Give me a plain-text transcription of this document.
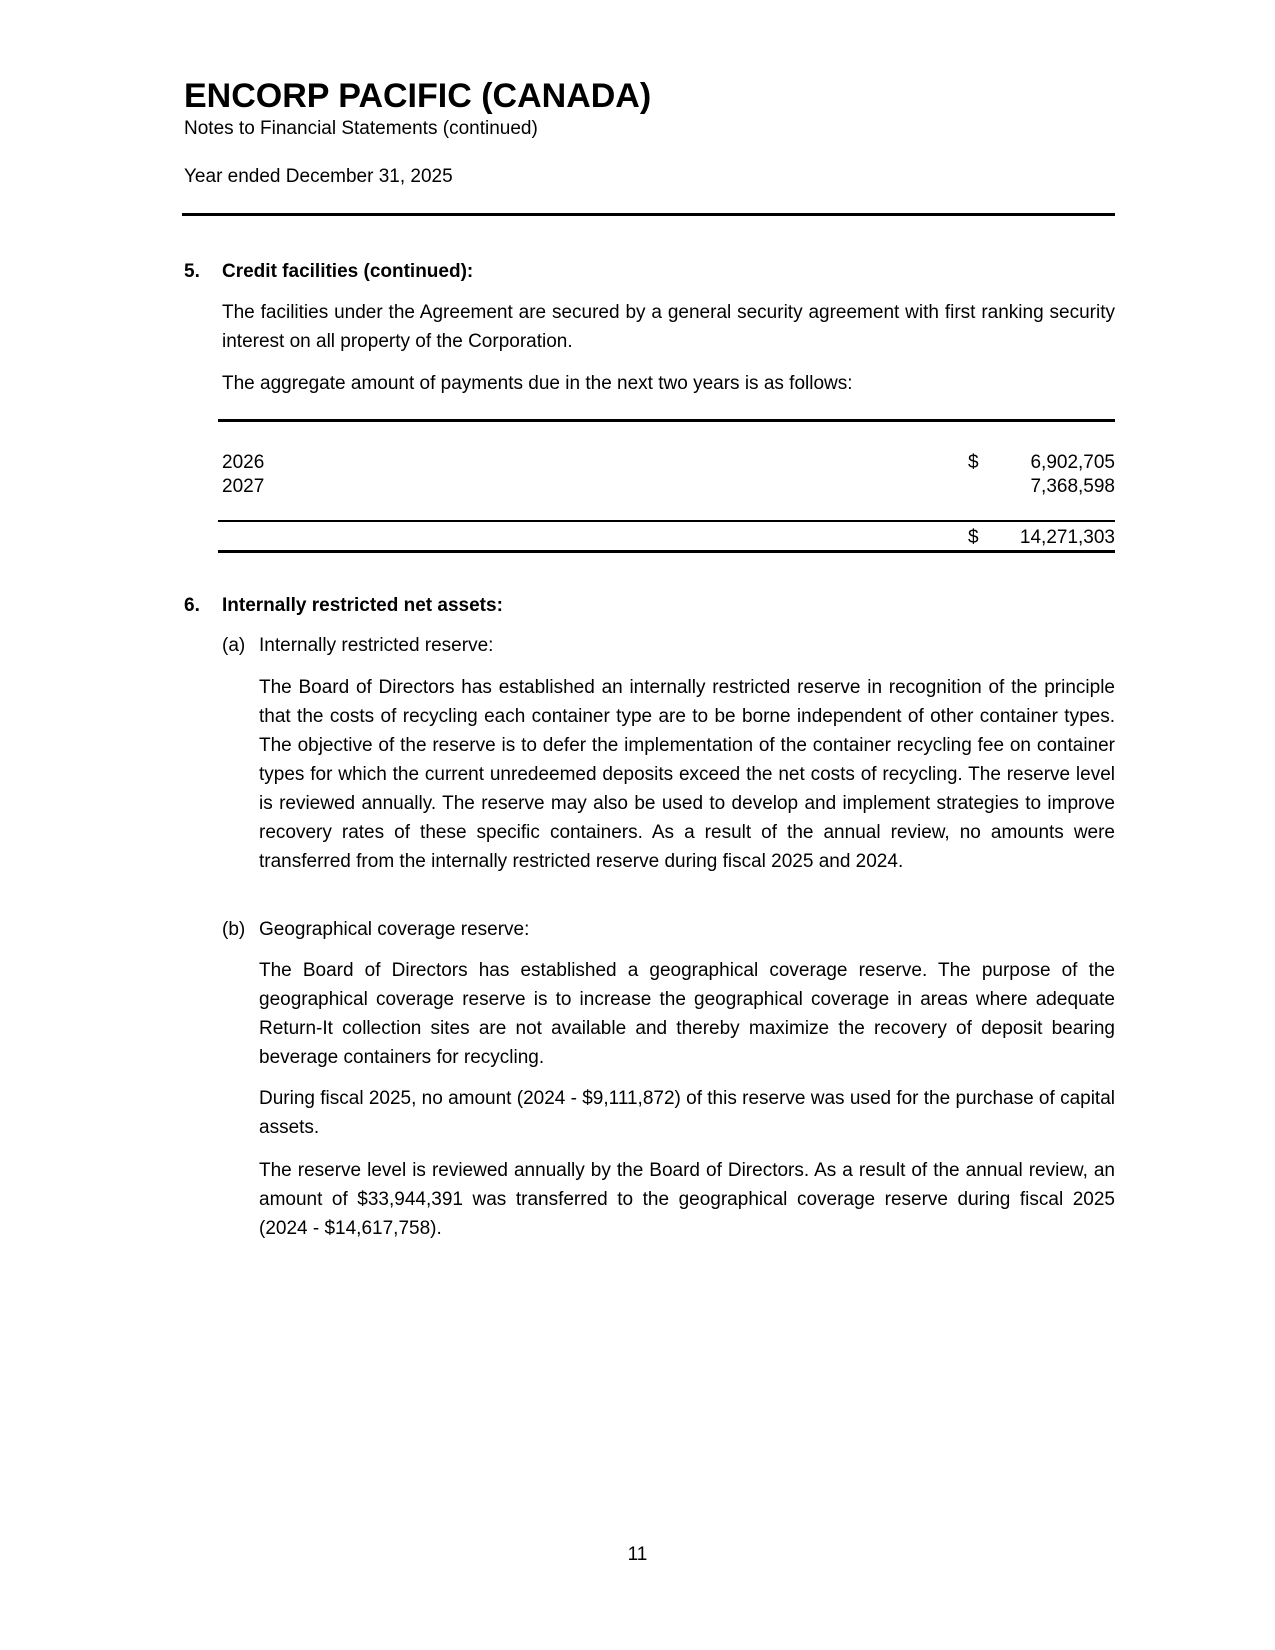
ENCORP PACIFIC (CANADA)
Notes to Financial Statements (continued)
Year ended December 31, 2025
5. Credit facilities (continued):
The facilities under the Agreement are secured by a general security agreement with first ranking security interest on all property of the Corporation.
The aggregate amount of payments due in the next two years is as follows:
2026	$	6,902,705
2027	7,368,598
$ 14,271,303
6. Internally restricted net assets:
(a) Internally restricted reserve:
The Board of Directors has established an internally restricted reserve in recognition of the principle that the costs of recycling each container type are to be borne independent of other container types. The objective of the reserve is to defer the implementation of the container recycling fee on container types for which the current unredeemed deposits exceed the net costs of recycling. The reserve level is reviewed annually. The reserve may also be used to develop and implement strategies to improve recovery rates of these specific containers. As a result of the annual review, no amounts were transferred from the internally restricted reserve during fiscal 2025 and 2024.
(b) Geographical coverage reserve:
The Board of Directors has established a geographical coverage reserve. The purpose of the geographical coverage reserve is to increase the geographical coverage in areas where adequate Return-It collection sites are not available and thereby maximize the recovery of deposit bearing beverage containers for recycling.
During fiscal 2025, no amount (2024 - $9,111,872) of this reserve was used for the purchase of capital assets.
The reserve level is reviewed annually by the Board of Directors. As a result of the annual review, an amount of $33,944,391 was transferred to the geographical coverage reserve during fiscal 2025 (2024 - $14,617,758).
11
